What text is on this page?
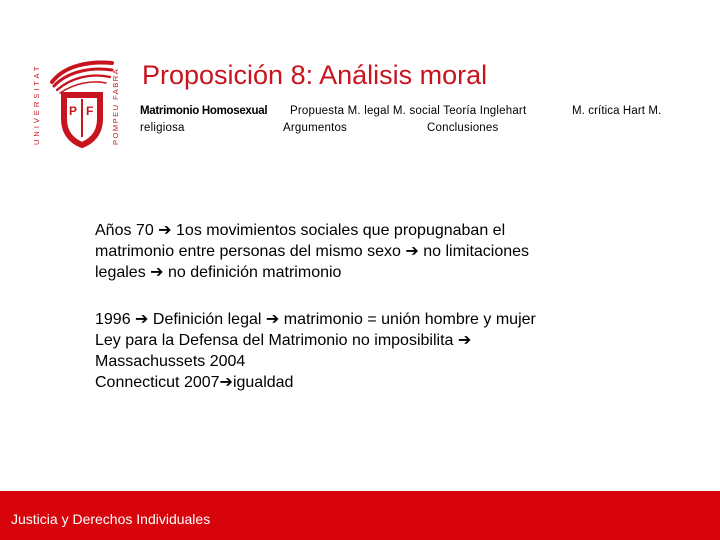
UNIVERSITAT	POMPEU FABRA
P F
Proposición 8: Análisis moral
Matrimonio Homosexual
religiosa
Propuesta M. legal M. social Teoría Inglehart
Argumentos	Conclusiones
M. crítica Hart M.
Años 70 ➔ 1os movimientos sociales que propugnaban el
matrimonio entre personas del mismo sexo ➔ no limitaciones
legales ➔ no definición matrimonio
1996 ➔ Definición legal ➔ matrimonio = unión hombre y mujer
Ley para la Defensa del Matrimonio no imposibilita ➔
Massachussets 2004
Connecticut 2007➔igualdad
Justicia y Derechos Individuales
